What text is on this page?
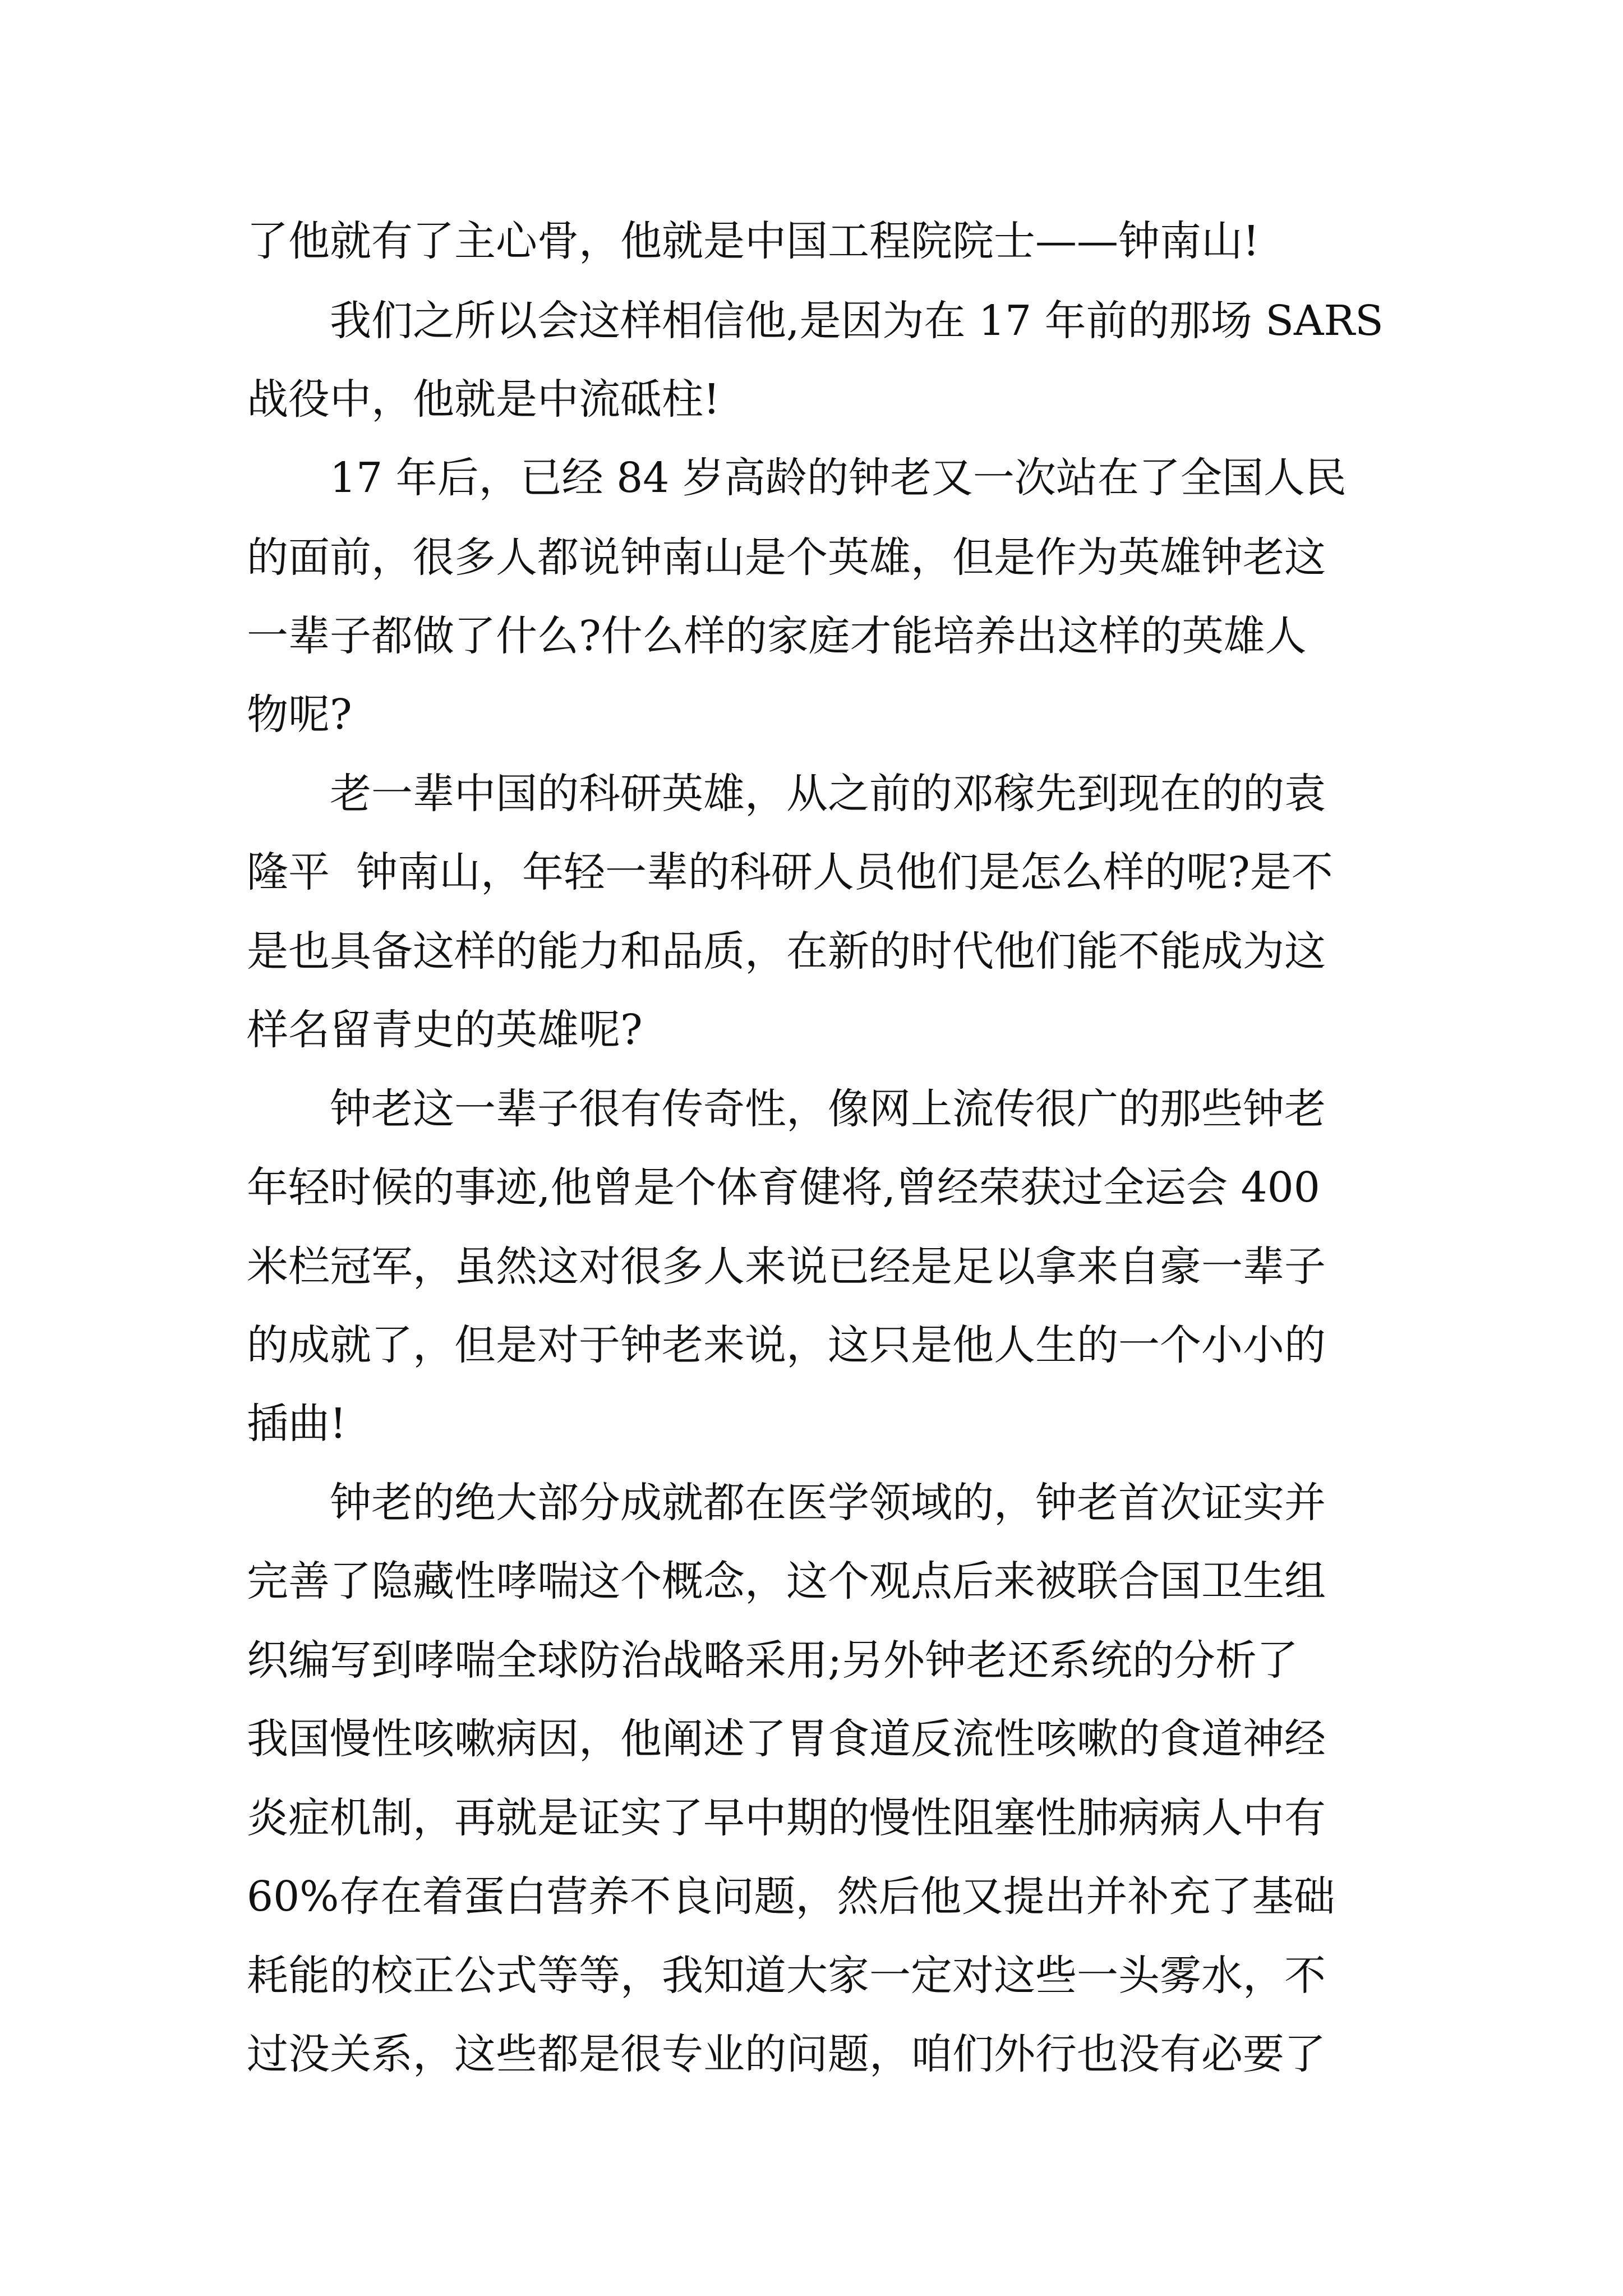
了他就有了主心骨，他就是中国工程院院士——钟南山!
我们之所以会这样相信他,是因为在 17 年前的那场 SARS
战役中，他就是中流砥柱!
17 年后，已经 84 岁高龄的钟老又一次站在了全国人民
的面前，很多人都说钟南山是个英雄，但是作为英雄钟老这
一辈子都做了什么?什么样的家庭才能培养出这样的英雄人
物呢?
老一辈中国的科研英雄，从之前的邓稼先到现在的的袁
隆平  钟南山，年轻一辈的科研人员他们是怎么样的呢?是不
是也具备这样的能力和品质，在新的时代他们能不能成为这
样名留青史的英雄呢?
钟老这一辈子很有传奇性，像网上流传很广的那些钟老
年轻时候的事迹,他曾是个体育健将,曾经荣获过全运会 400
米栏冠军，虽然这对很多人来说已经是足以拿来自豪一辈子
的成就了，但是对于钟老来说，这只是他人生的一个小小的
插曲!
钟老的绝大部分成就都在医学领域的，钟老首次证实并
完善了隐藏性哮喘这个概念，这个观点后来被联合国卫生组
织编写到哮喘全球防治战略采用;另外钟老还系统的分析了
我国慢性咳嗽病因，他阐述了胃食道反流性咳嗽的食道神经
炎症机制，再就是证实了早中期的慢性阻塞性肺病病人中有
60%存在着蛋白营养不良问题，然后他又提出并补充了基础
耗能的校正公式等等，我知道大家一定对这些一头雾水，不
过没关系，这些都是很专业的问题，咱们外行也没有必要了
